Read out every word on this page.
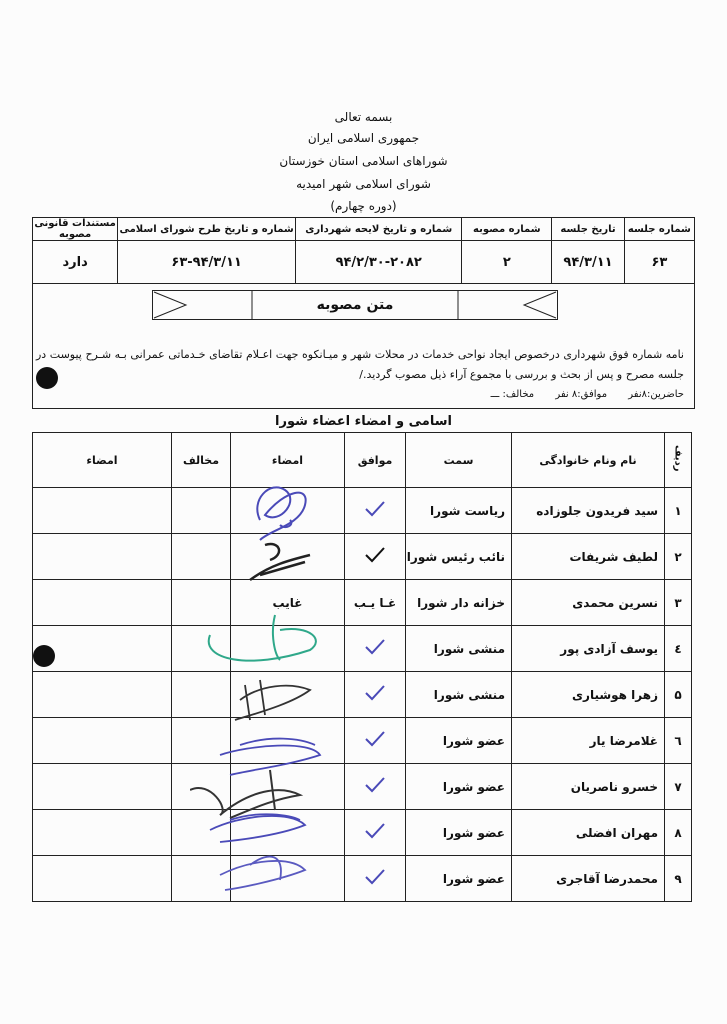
بسمه تعالی
جمهوری اسلامی ایران
شوراهای اسلامی استان خوزستان
شورای اسلامی شهر امیدیه
(دوره چهارم)
شماره جلسه	تاریخ جلسه	شماره مصوبه	شماره و تاریخ لایحه شهرداری	شماره و تاریخ طرح شورای اسلامی	مستندات قانونی مصوبه
۶۳	۹۴/۳/۱۱	۲	۹۴/۲/۳۰-۲۰۸۲	۶۳-۹۴/۳/۱۱	دارد
متن مصوبه
نامه شماره فوق شهرداری درخصوص ایجاد نواحی خدمات در محلات شهر و میـانکوه جهت اعـلام تقاضای خـدماتی عمرانی بـه شـرح پیوست در جلسه مصرح و پس از بحث و بررسی با مجموع آراء ذیل مصوب گردید./
حاضرین:۸نفر موافق:۸ نفر مخالف: ـــ
اسامی و امضاء اعضاء شورا
ردیف	نام ونام خانوادگی	سمت	موافق	امضاء	مخالف	امضاء
۱	سید فریدون جلوزاده	ریاست شورا				
۲	لطیف شریفات	نائب رئیس شورا				
۳	نسرین محمدی	خزانه دار شورا	غـا یـب	غایب		
٤	یوسف آزادی پور	منشی شورا				
۵	زهرا هوشیاری	منشی شورا				
٦	غلامرضا یار	عضو شورا				
۷	خسرو ناصریان	عضو شورا				
۸	مهران افضلی	عضو شورا				
۹	محمدرضا آقاجری	عضو شورا				
